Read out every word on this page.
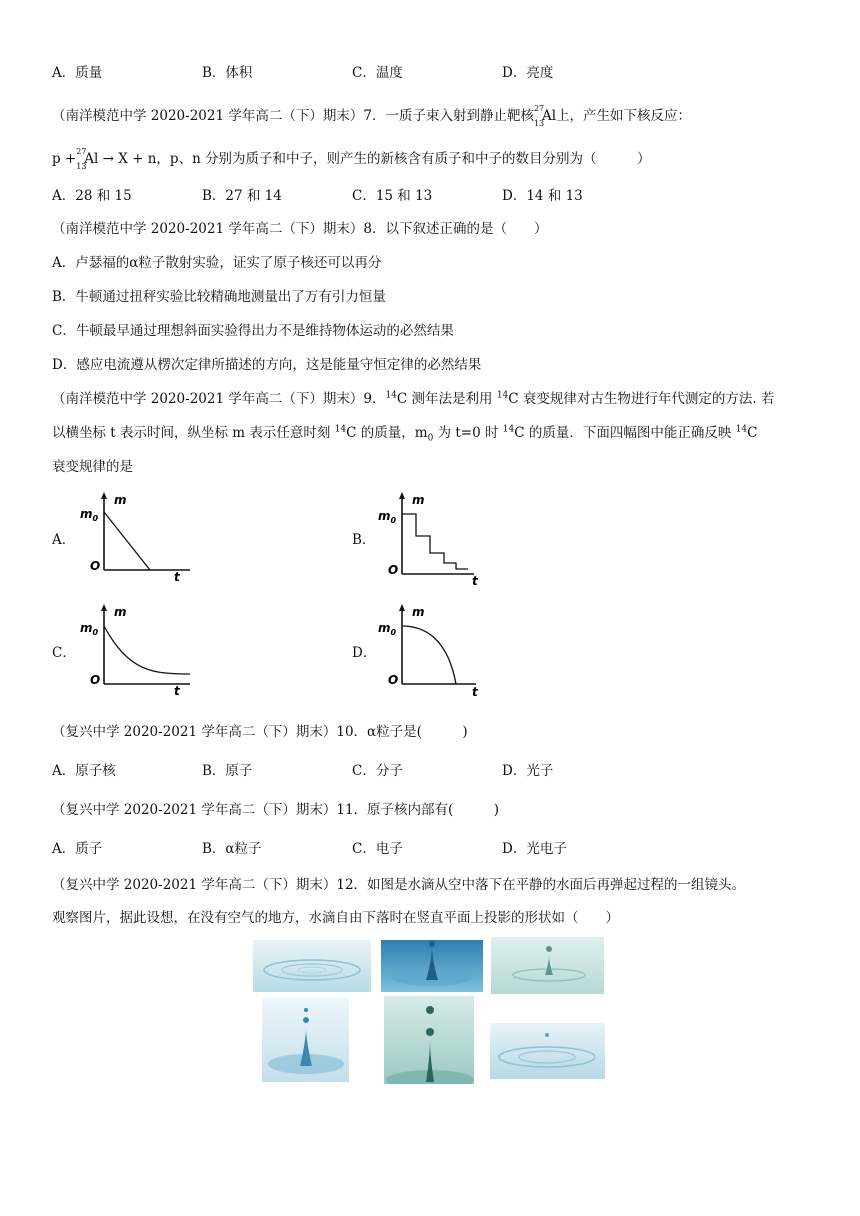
A．质量	B．体积	C．温度	D．亮度
（南洋模范中学 2020-2021 学年高二（下）期末）7．一质子束入射到静止靶核 27
13
Al上，产生如下核反应：
p + 27
13
Al → X + n，p、n 分别为质子和中子，则产生的新核含有质子和中子的数目分别为（　　　）
A．28 和 15	B．27 和 14	C．15 和 13	D．14 和 13
（南洋模范中学 2020-2021 学年高二（下）期末）8．以下叙述正确的是（　　）
A．卢瑟福的α粒子散射实验，证实了原子核还可以再分
B．牛顿通过扭秤实验比较精确地测量出了万有引力恒量
C．牛顿最早通过理想斜面实验得出力不是维持物体运动的必然结果
D．感应电流遵从楞次定律所描述的方向，这是能量守恒定律的必然结果
（南洋模范中学 2020-2021 学年高二（下）期末）9．$^{14}$C 测年法是利用 $^{14}$C 衰变规律对古生物进行年代测定的方法. 若
以横坐标 t 表示时间，纵坐标 m 表示任意时刻 $^{14}$C 的质量，$m_0$ 为 t=0 时 $^{14}$C 的质量．下面四幅图中能正确反映 $^{14}$C
衰变规律的是
A．
m
$m_0$
O
t
B．
m
$m_0$
O
t
C．
m
$m_0$
O
t
D．
m
$m_0$
O
t
（复兴中学 2020-2021 学年高二（下）期末）10．α粒子是(　　　)
A．原子核	B．原子	C．分子	D．光子
（复兴中学 2020-2021 学年高二（下）期末）11．原子核内部有(　　　)
A．质子	B．α粒子	C．电子	D．光电子
（复兴中学 2020-2021 学年高二（下）期末）12．如图是水滴从空中落下在平静的水面后再弹起过程的一组镜头。
观察图片，据此设想，在没有空气的地方，水滴自由下落时在竖直平面上投影的形状如（　　）
